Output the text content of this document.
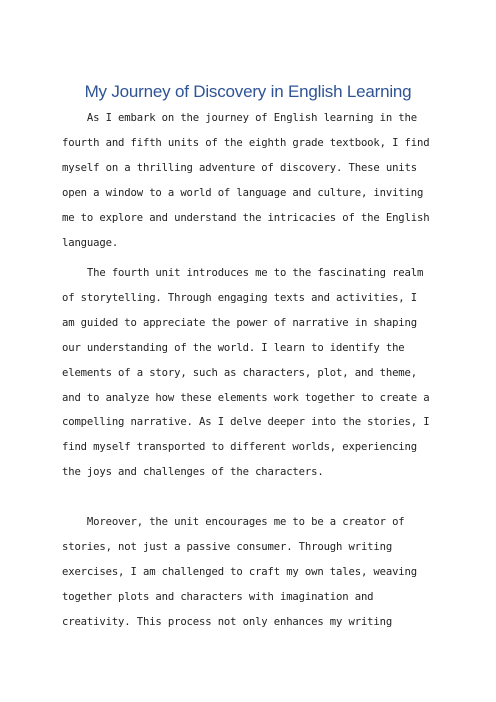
My Journey of Discovery in English Learning
As I embark on the journey of English learning in the
fourth and fifth units of the eighth grade textbook, I find
myself on a thrilling adventure of discovery. These units
open a window to a world of language and culture, inviting
me to explore and understand the intricacies of the English
language.
The fourth unit introduces me to the fascinating realm
of storytelling. Through engaging texts and activities, I
am guided to appreciate the power of narrative in shaping
our understanding of the world. I learn to identify the
elements of a story, such as characters, plot, and theme,
and to analyze how these elements work together to create a
compelling narrative. As I delve deeper into the stories, I
find myself transported to different worlds, experiencing
the joys and challenges of the characters.
Moreover, the unit encourages me to be a creator of
stories, not just a passive consumer. Through writing
exercises, I am challenged to craft my own tales, weaving
together plots and characters with imagination and
creativity. This process not only enhances my writing
